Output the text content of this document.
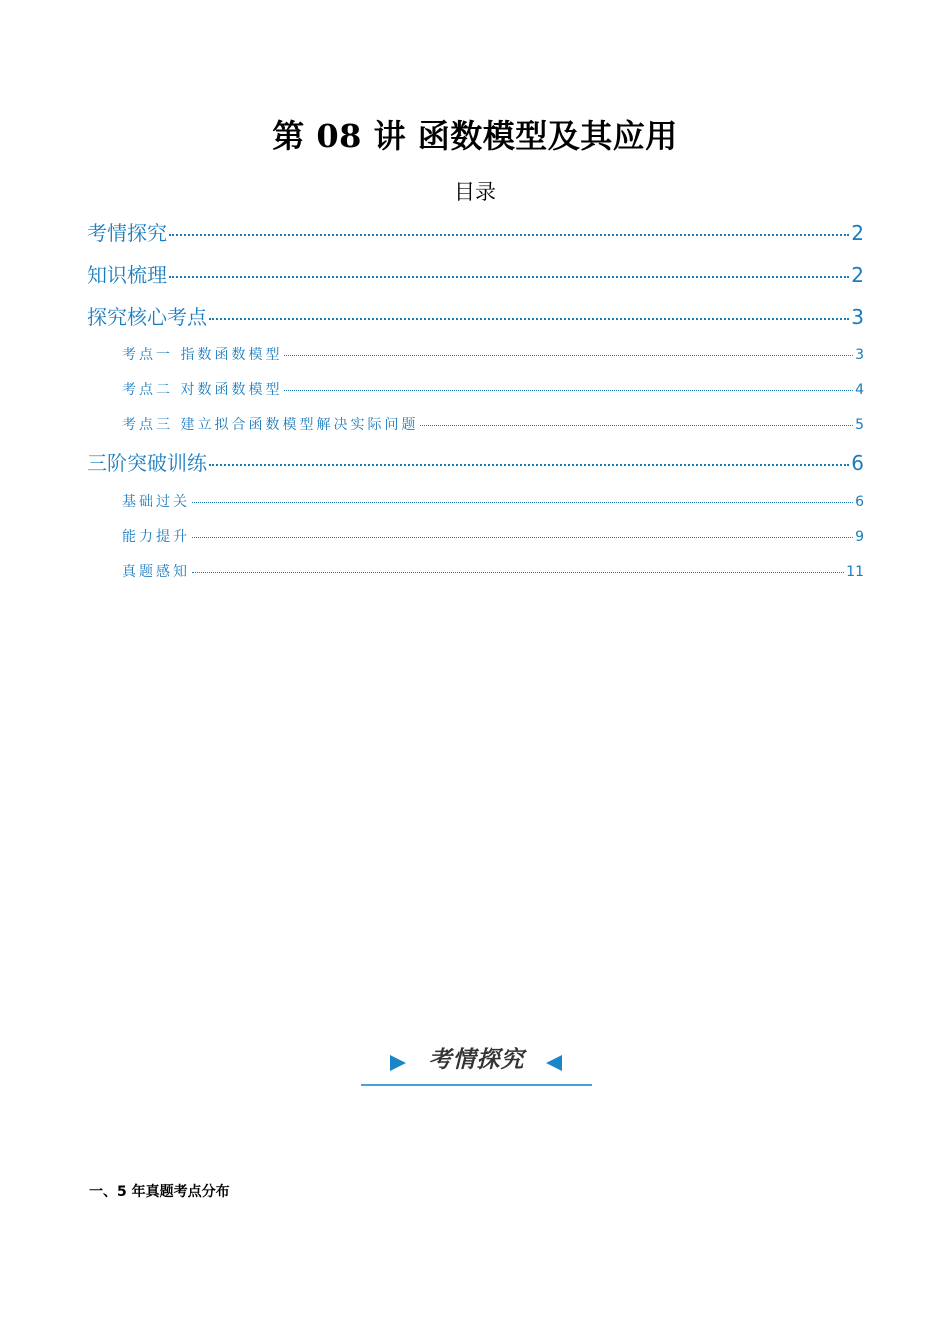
第 08 讲 函数模型及其应用
目录
考情探究	2
知识梳理	2
探究核心考点	3
考点一 指数函数模型	3
考点二 对数函数模型	4
考点三 建立拟合函数模型解决实际问题	5
三阶突破训练	6
基础过关	6
能力提升	9
真题感知	11
考情探究
一、5 年真题考点分布
